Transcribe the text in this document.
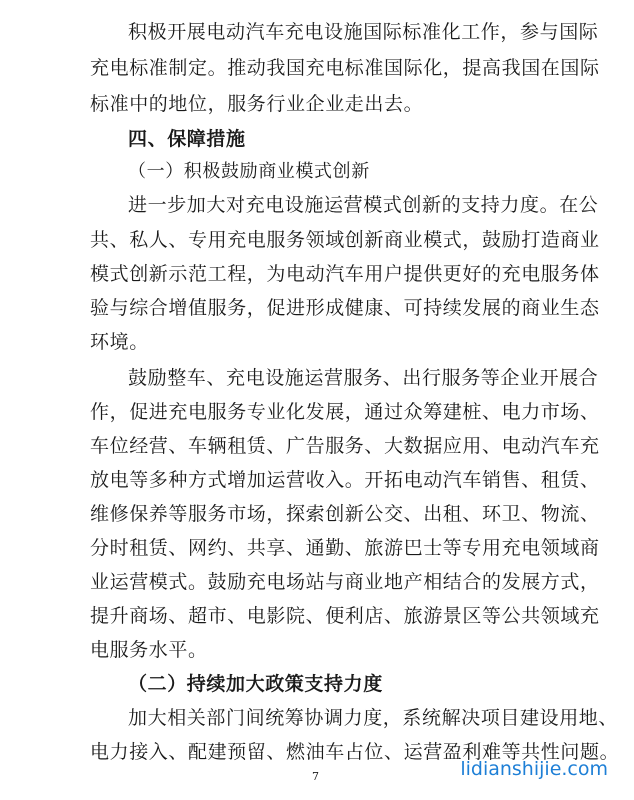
积极开展电动汽车充电设施国际标准化工作，参与国际
充电标准制定。推动我国充电标准国际化，提高我国在国际
标准中的地位，服务行业企业走出去。
四、保障措施
（一）积极鼓励商业模式创新
进一步加大对充电设施运营模式创新的支持力度。在公
共、私人、专用充电服务领域创新商业模式，鼓励打造商业
模式创新示范工程，为电动汽车用户提供更好的充电服务体
验与综合增值服务，促进形成健康、可持续发展的商业生态
环境。
鼓励整车、充电设施运营服务、出行服务等企业开展合
作，促进充电服务专业化发展，通过众筹建桩、电力市场、
车位经营、车辆租赁、广告服务、大数据应用、电动汽车充
放电等多种方式增加运营收入。开拓电动汽车销售、租赁、
维修保养等服务市场，探索创新公交、出租、环卫、物流、
分时租赁、网约、共享、通勤、旅游巴士等专用充电领域商
业运营模式。鼓励充电场站与商业地产相结合的发展方式，
提升商场、超市、电影院、便利店、旅游景区等公共领域充
电服务水平。
（二）持续加大政策支持力度
加大相关部门间统筹协调力度，系统解决项目建设用地、
电力接入、配建预留、燃油车占位、运营盈利难等共性问题。
7	lidianshijie.com
